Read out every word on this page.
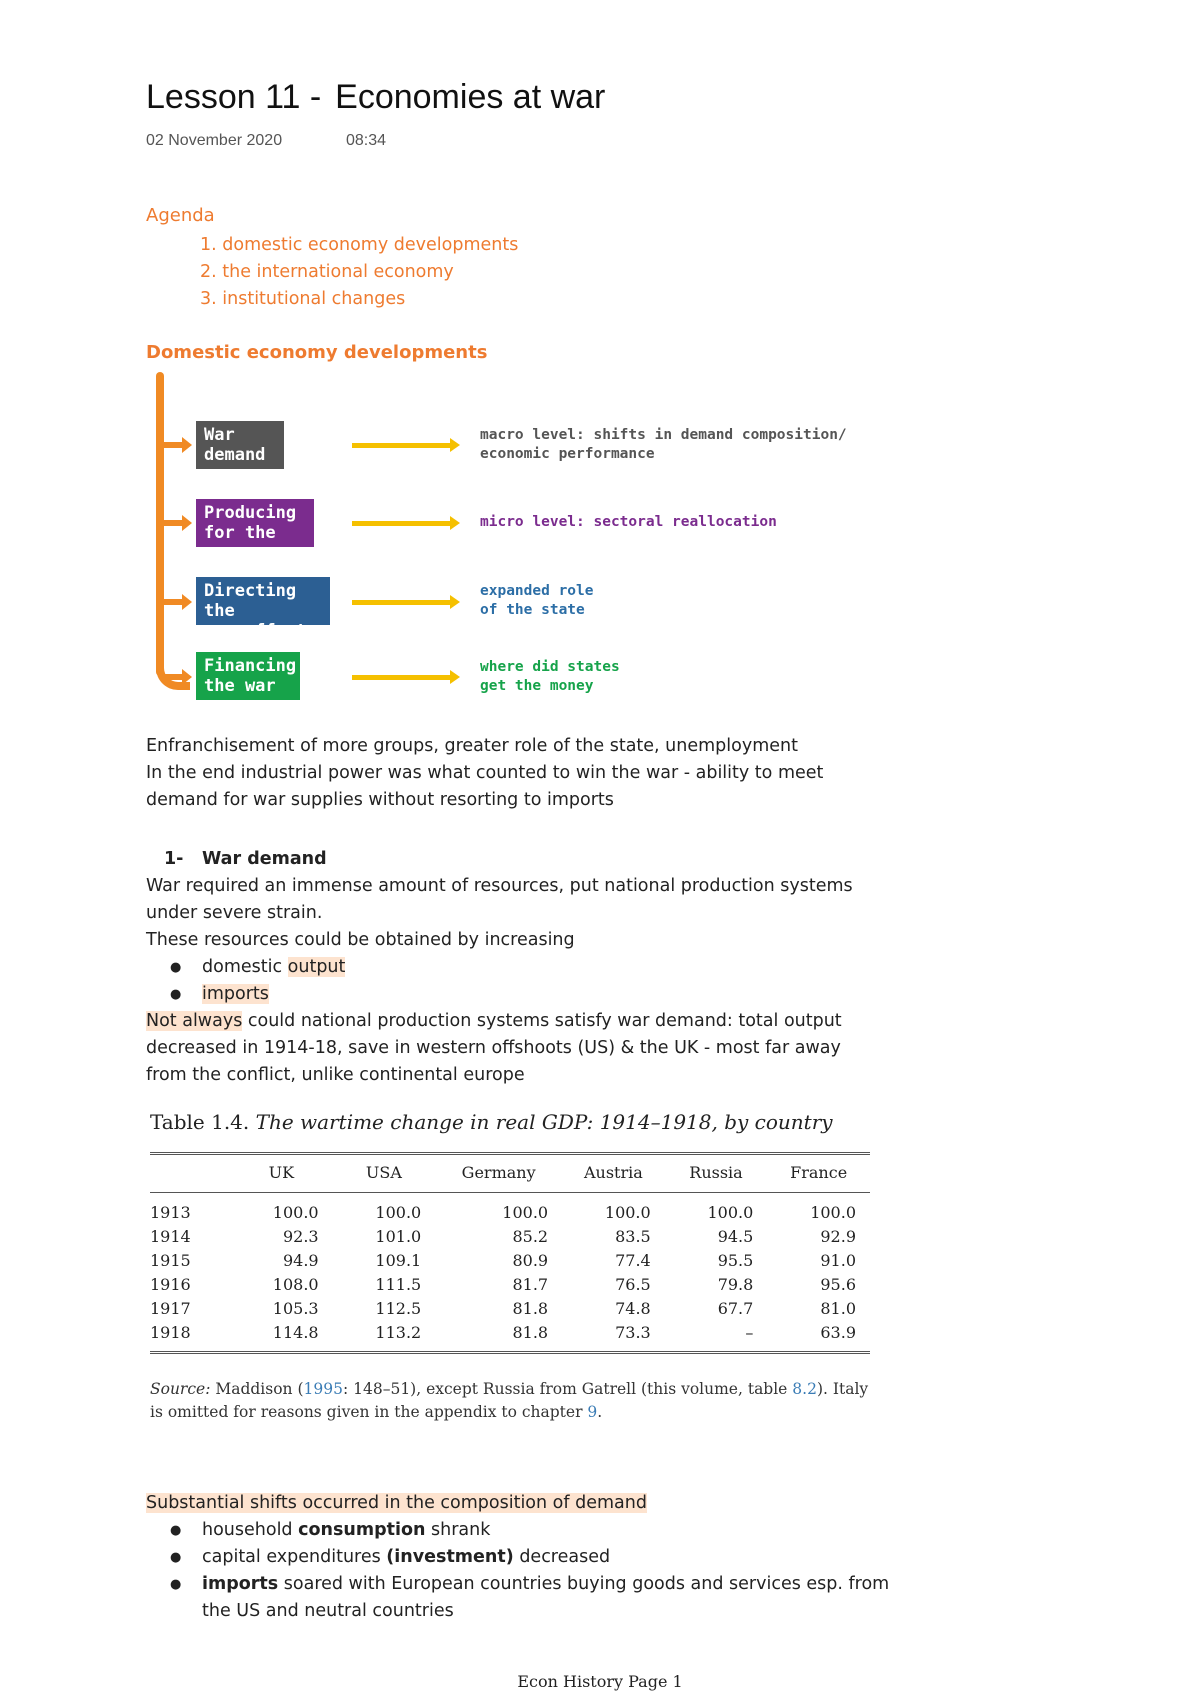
Lesson 11 - Economies at war
02 November 2020	08:34
Agenda
1. domestic economy developments
2. the international economy
3. institutional changes
Domestic economy developments
War
demand
Producing
for the war
Directing the
war effort
Financing
the war
macro level: shifts in demand composition/
economic performance
micro level: sectoral reallocation
expanded role
of the state
where did states
get the money
Enfranchisement of more groups, greater role of the state, unemployment
In the end industrial power was what counted to win the war - ability to meet
demand for war supplies without resorting to imports
1- War demand
War required an immense amount of resources, put national production systems
under severe strain.
These resources could be obtained by increasing
● domestic output
● imports
Not always could national production systems satisfy war demand: total output
decreased in 1914-18, save in western offshoots (US) & the UK - most far away
from the conflict, unlike continental europe
Table 1.4. The wartime change in real GDP: 1914–1918, by country
	UK	USA	Germany	Austria	Russia	France
1913	100.0	100.0	100.0	100.0	100.0	100.0
1914	92.3	101.0	85.2	83.5	94.5	92.9
1915	94.9	109.1	80.9	77.4	95.5	91.0
1916	108.0	111.5	81.7	76.5	79.8	95.6
1917	105.3	112.5	81.8	74.8	67.7	81.0
1918	114.8	113.2	81.8	73.3	–	63.9
Source: Maddison (1995: 148–51), except Russia from Gatrell (this volume, table 8.2). Italy
is omitted for reasons given in the appendix to chapter 9.
Substantial shifts occurred in the composition of demand
● household consumption shrank
● capital expenditures (investment) decreased
● imports soared with European countries buying goods and services esp. from
the US and neutral countries
Econ History Page 1
